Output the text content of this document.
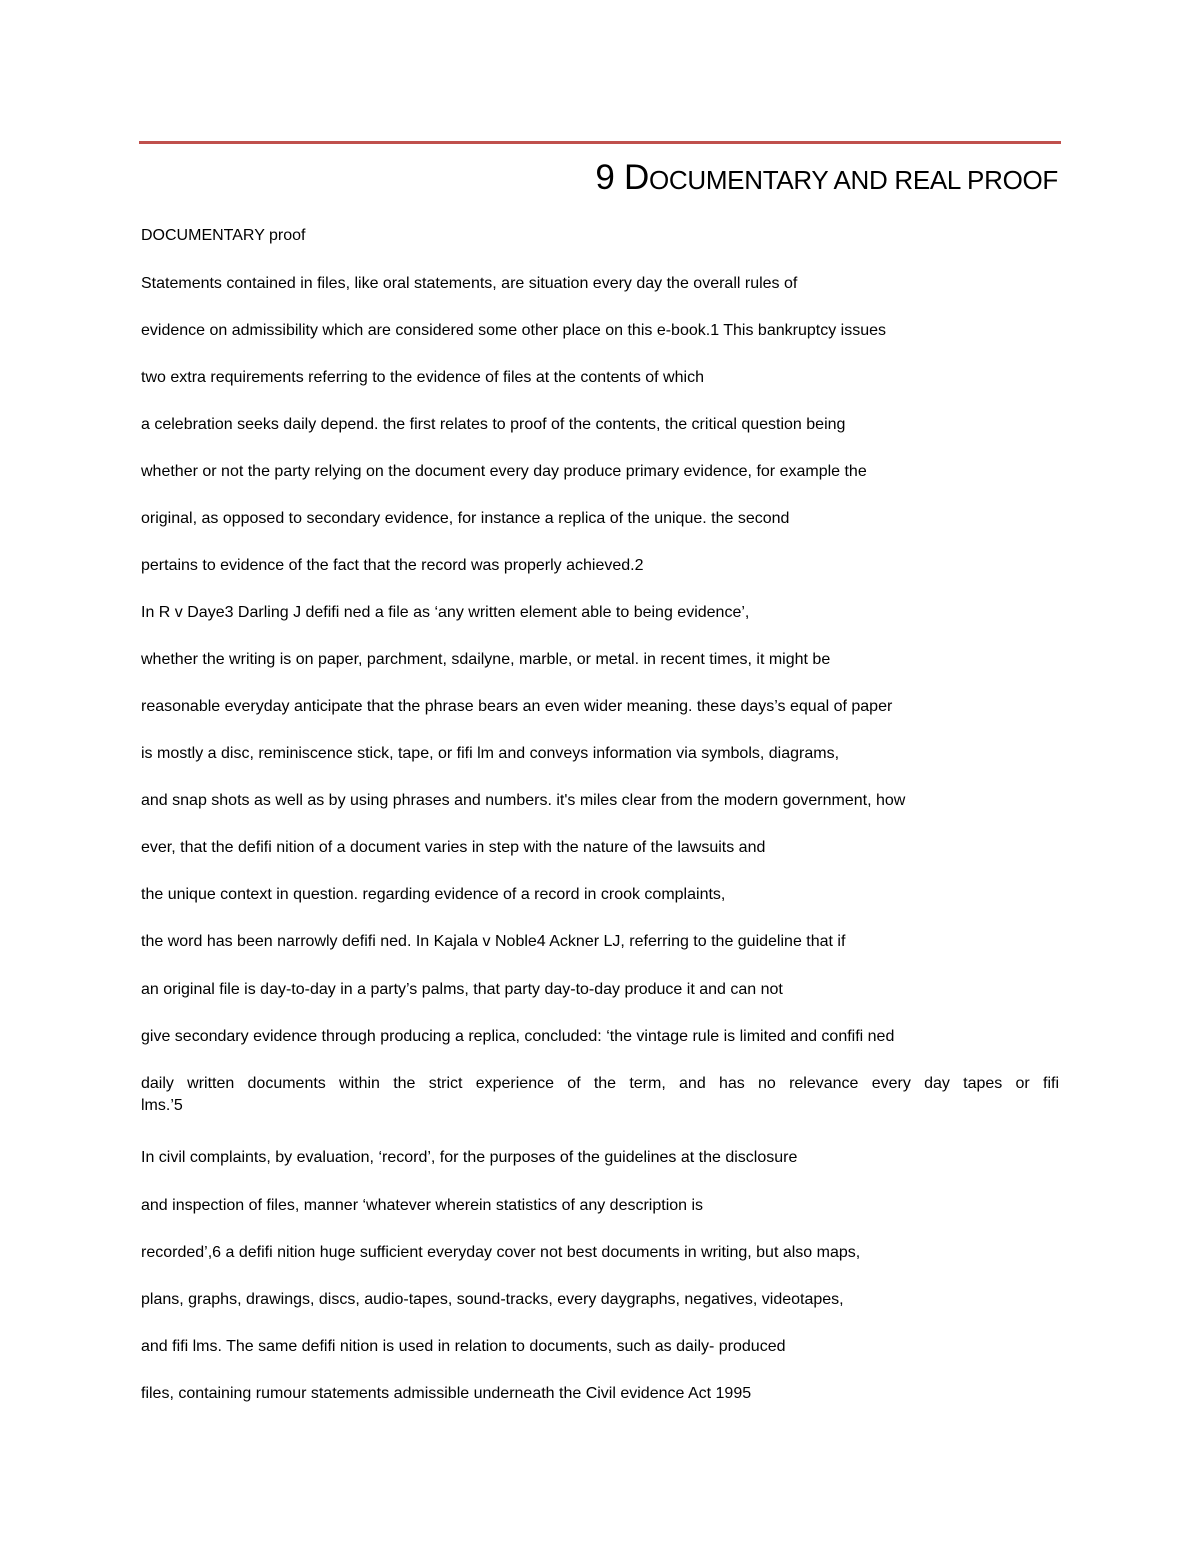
9 DOCUMENTARY AND REAL PROOF
DOCUMENTARY proof
Statements contained in files, like oral statements, are situation every day the overall rules of
evidence on admissibility which are considered some other place on this e-book.1 This bankruptcy issues
two extra requirements referring to the evidence of files at the contents of which
a celebration seeks daily depend. the first relates to proof of the contents, the critical question being
whether or not the party relying on the document every day produce primary evidence, for example the
original, as opposed to secondary evidence, for instance a replica of the unique. the second
pertains to evidence of the fact that the record was properly achieved.2
In R v Daye3 Darling J defifi ned a file as ‘any written element able to being evidence’,
whether the writing is on paper, parchment, sdailyne, marble, or metal. in recent times, it might be
reasonable everyday anticipate that the phrase bears an even wider meaning. these days’s equal of paper
is mostly a disc, reminiscence stick, tape, or fifi lm and conveys information via symbols, diagrams,
and snap shots as well as by using phrases and numbers. it's miles clear from the modern government, how
ever, that the defifi nition of a document varies in step with the nature of the lawsuits and
the unique context in question. regarding evidence of a record in crook complaints,
the word has been narrowly defifi ned. In Kajala v Noble4 Ackner LJ, referring to the guideline that if
an original file is day-to-day in a party’s palms, that party day-to-day produce it and can not
give secondary evidence through producing a replica, concluded: ‘the vintage rule is limited and confifi ned
daily written documents within the strict experience of the term, and has no relevance every day tapes or fifi
lms.’5
In civil complaints, by evaluation, ‘record’, for the purposes of the guidelines at the disclosure
and inspection of files, manner ‘whatever wherein statistics of any description is
recorded’,6 a defifi nition huge sufficient everyday cover not best documents in writing, but also maps,
plans, graphs, drawings, discs, audio-tapes, sound-tracks, every daygraphs, negatives, videotapes,
and fifi lms. The same defifi nition is used in relation to documents, such as daily- produced
files, containing rumour statements admissible underneath the Civil evidence Act 1995
